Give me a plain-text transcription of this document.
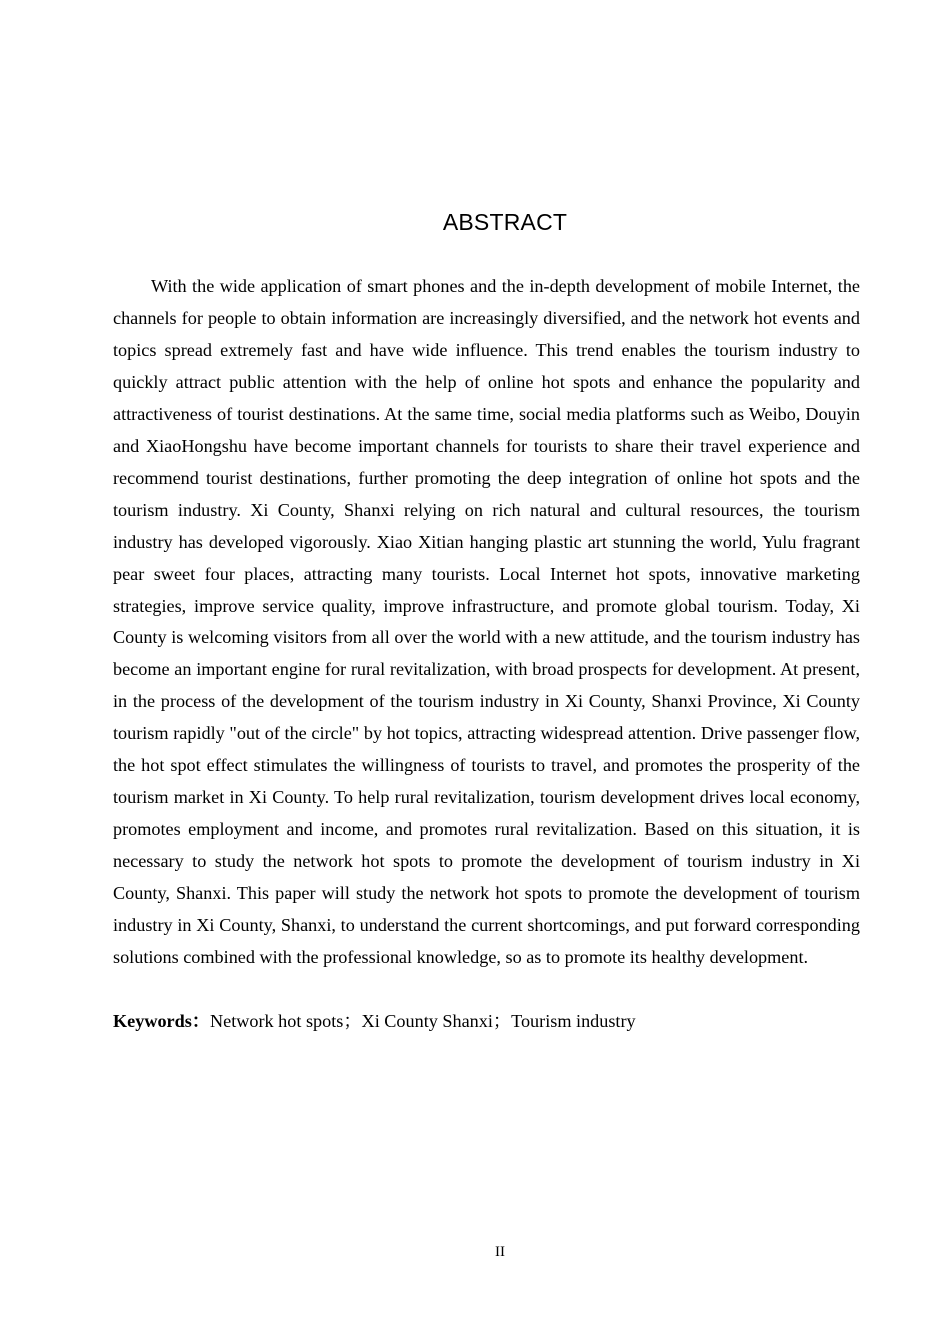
ABSTRACT

With the wide application of smart phones and the in-depth development of mobile Internet, the channels for people to obtain information are increasingly diversified, and the network hot events and topics spread extremely fast and have wide influence. This trend enables the tourism industry to quickly attract public attention with the help of online hot spots and enhance the popularity and attractiveness of tourist destinations. At the same time, social media platforms such as Weibo, Douyin and XiaoHongshu have become important channels for tourists to share their travel experience and recommend tourist destinations, further promoting the deep integration of online hot spots and the tourism industry. Xi County, Shanxi relying on rich natural and cultural resources, the tourism industry has developed vigorously. Xiao Xitian hanging plastic art stunning the world, Yulu fragrant pear sweet four places, attracting many tourists. Local Internet hot spots, innovative marketing strategies, improve service quality, improve infrastructure, and promote global tourism. Today, Xi County is welcoming visitors from all over the world with a new attitude, and the tourism industry has become an important engine for rural revitalization, with broad prospects for development. At present, in the process of the development of the tourism industry in Xi County, Shanxi Province, Xi County tourism rapidly "out of the circle" by hot topics, attracting widespread attention. Drive passenger flow, the hot spot effect stimulates the willingness of tourists to travel, and promotes the prosperity of the tourism market in Xi County. To help rural revitalization, tourism development drives local economy, promotes employment and income, and promotes rural revitalization. Based on this situation, it is necessary to study the network hot spots to promote the development of tourism industry in Xi County, Shanxi. This paper will study the network hot spots to promote the development of tourism industry in Xi County, Shanxi, to understand the current shortcomings, and put forward corresponding solutions combined with the professional knowledge, so as to promote its healthy development.

Keywords：Network hot spots；Xi County Shanxi；Tourism industry

II
